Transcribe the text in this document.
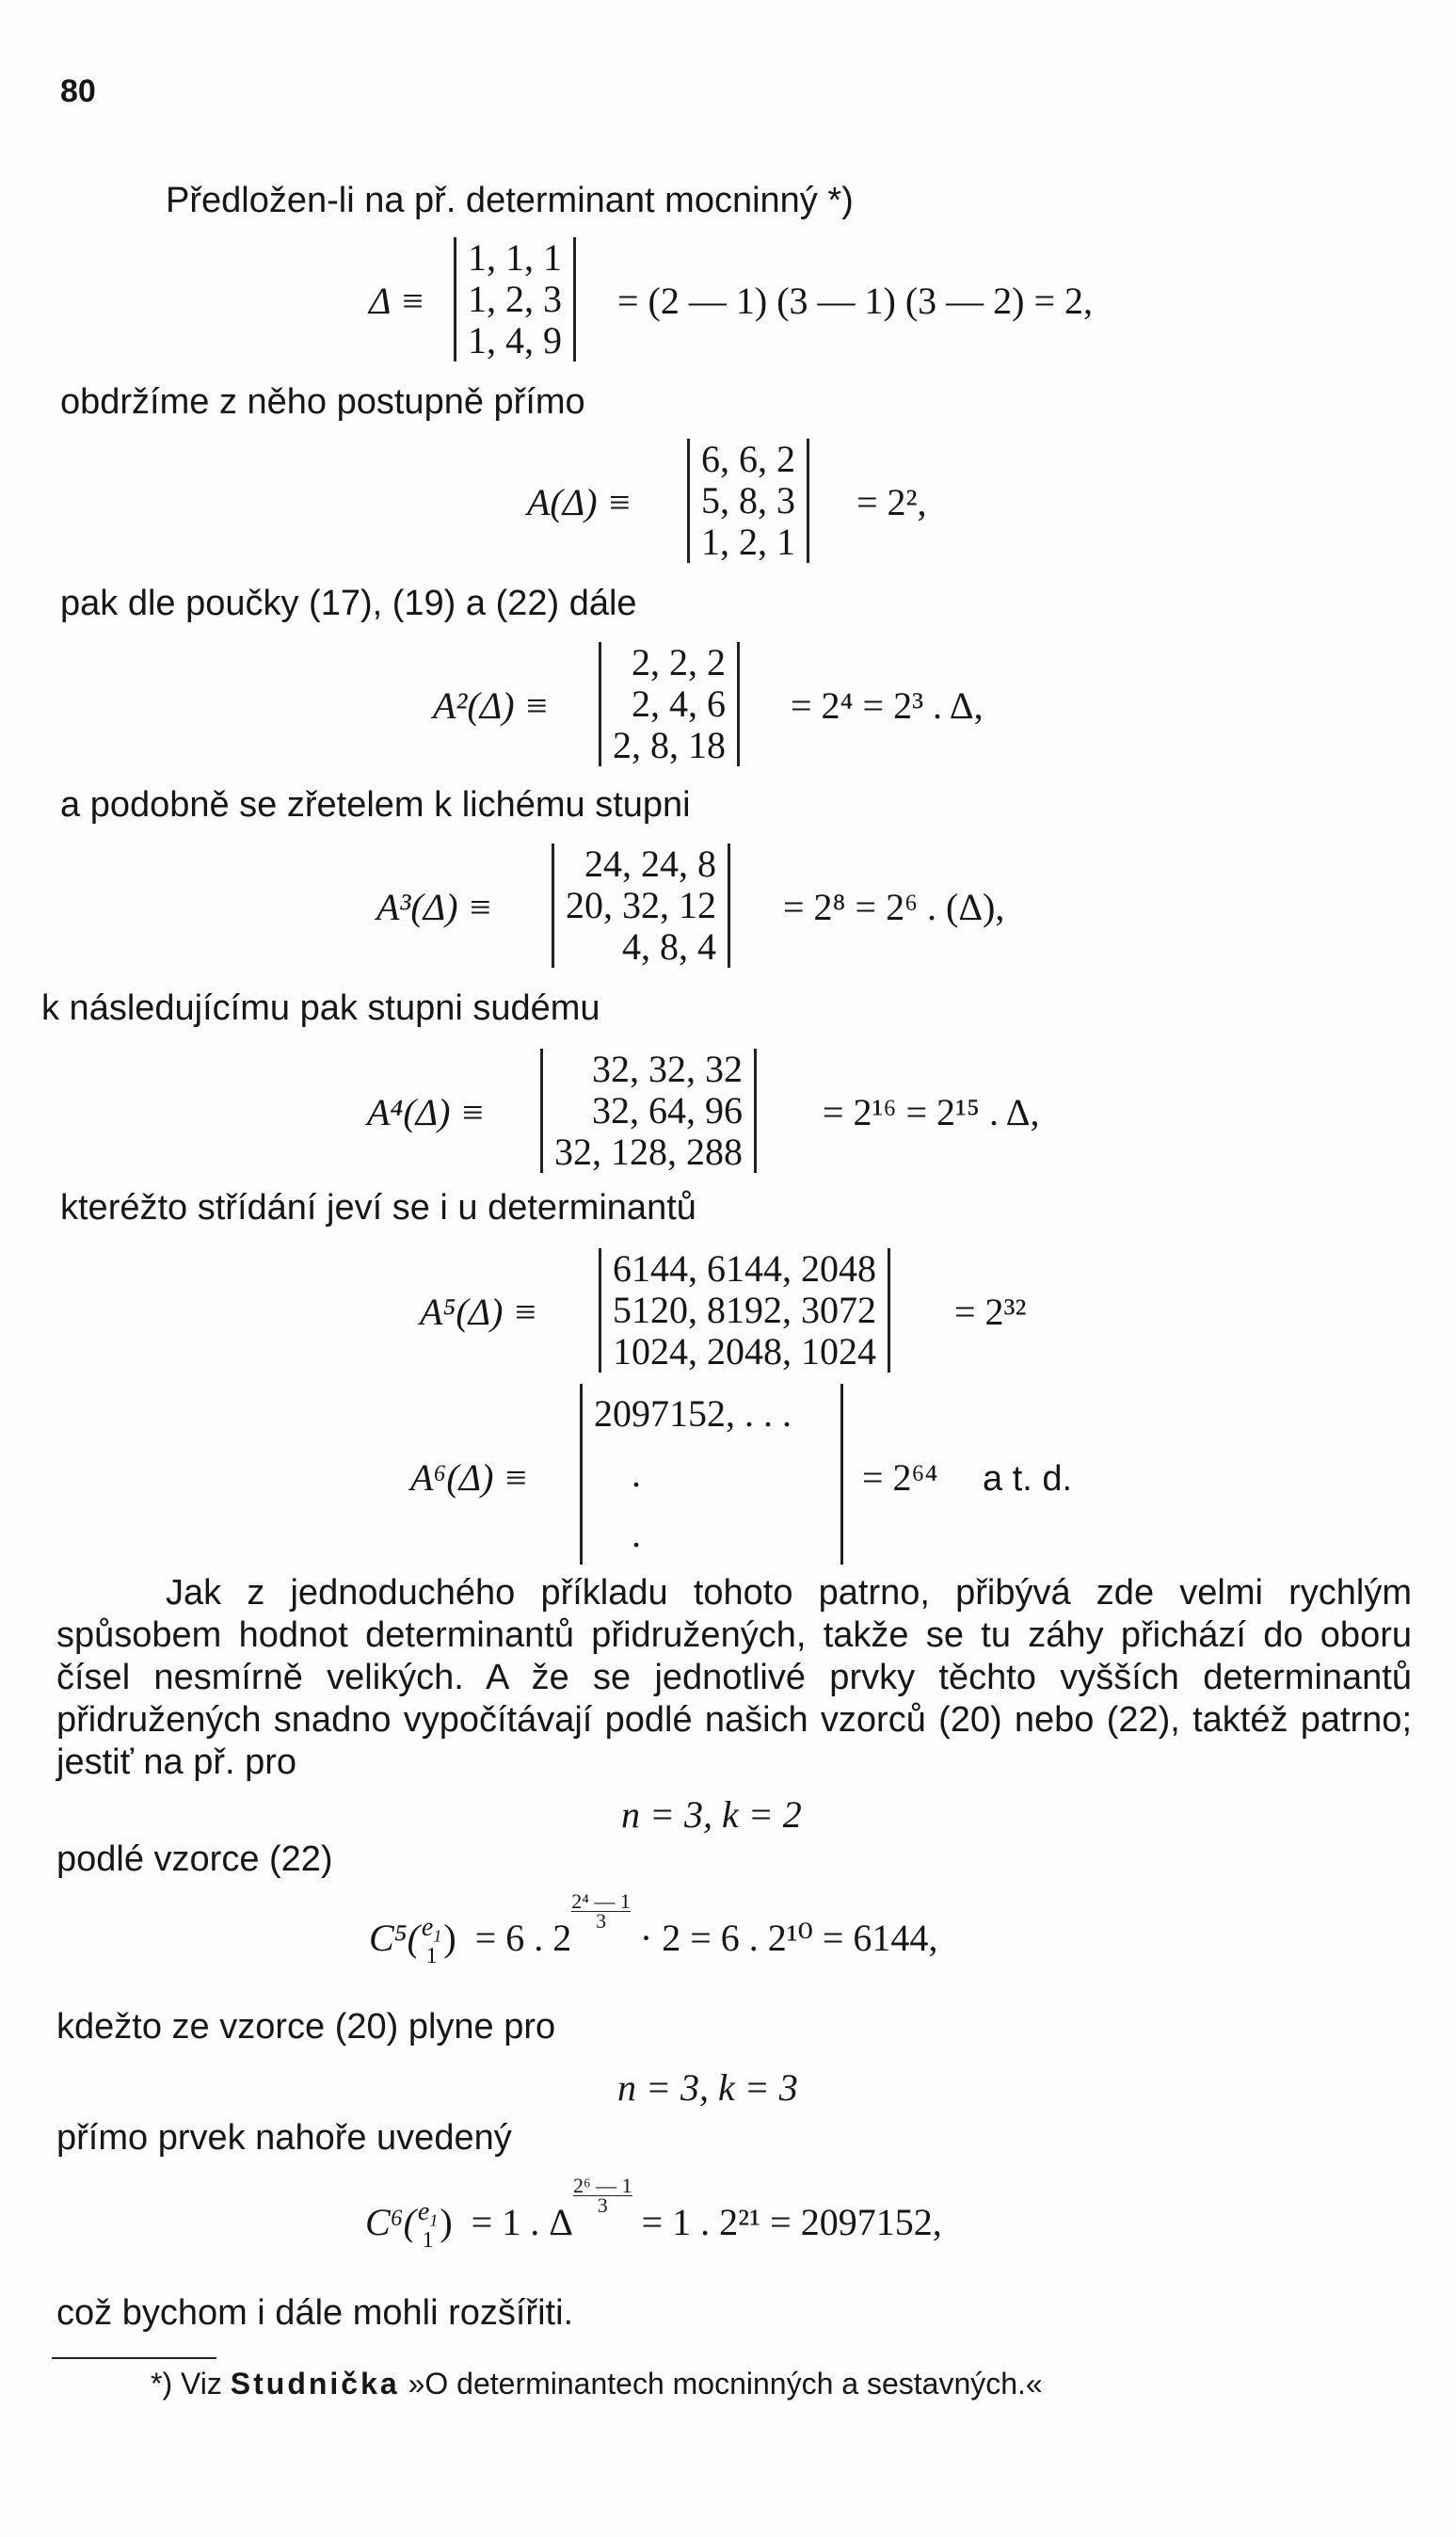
80
Předložen-li na př. determinant mocninný *)
Δ ≡
1, 1, 1
1, 2, 3
1, 4, 9
= (2 — 1) (3 — 1) (3 — 2) = 2,
obdržíme z něho postupně přímo
A(Δ) ≡
6, 6, 2
5, 8, 3
1, 2, 1
= 2²,
pak dle poučky (17), (19) a (22) dále
A²(Δ) ≡
2, 2, 2
2, 4, 6
2, 8, 18
= 2⁴ = 2³ . Δ,
a podobně se zřetelem k lichému stupni
A³(Δ) ≡
24, 24, 8
20, 32, 12
4, 8, 4
= 2⁸ = 2⁶ . (Δ),
k následujícímu pak stupni sudému
A⁴(Δ) ≡
32, 32, 32
32, 64, 96
32, 128, 288
= 2¹⁶ = 2¹⁵ . Δ,
kteréžto střídání jeví se i u determinantů
A⁵(Δ) ≡
6144, 6144, 2048
5120, 8192, 3072
1024, 2048, 1024
= 2³²
A⁶(Δ) ≡
2097152, . . .
.
.
= 2⁶⁴ a t. d.
Jak z jednoduchého příkladu tohoto patrno, přibývá zde velmi rychlým spůsobem hodnot determinantů přidružených, takže se tu záhy přichází do oboru čísel nesmírně velikých. A že se jednotlivé prvky těchto vyšších determinantů přidružených snadno vypočítávají podlé našich vzorců (20) nebo (22), taktéž patrno; jestiť na př. pro
n = 3, k = 2
podlé vzorce (22)
C⁵( $e_1$
1 ) = 6 . 2
$\frac{\text{2⁴ — 1}}{3}$
· 2 = 6 . 2¹⁰ = 6144,
kdežto ze vzorce (20) plyne pro
n = 3, k = 3
přímo prvek nahoře uvedený
C⁶( $e_1$
1 ) = 1 . Δ
$\frac{\text{2⁶ — 1}}{3}$
= 1 . 2²¹ = 2097152,
což bychom i dále mohli rozšířiti.
*) Viz Studnička »O determinantech mocninných a sestavných.«
